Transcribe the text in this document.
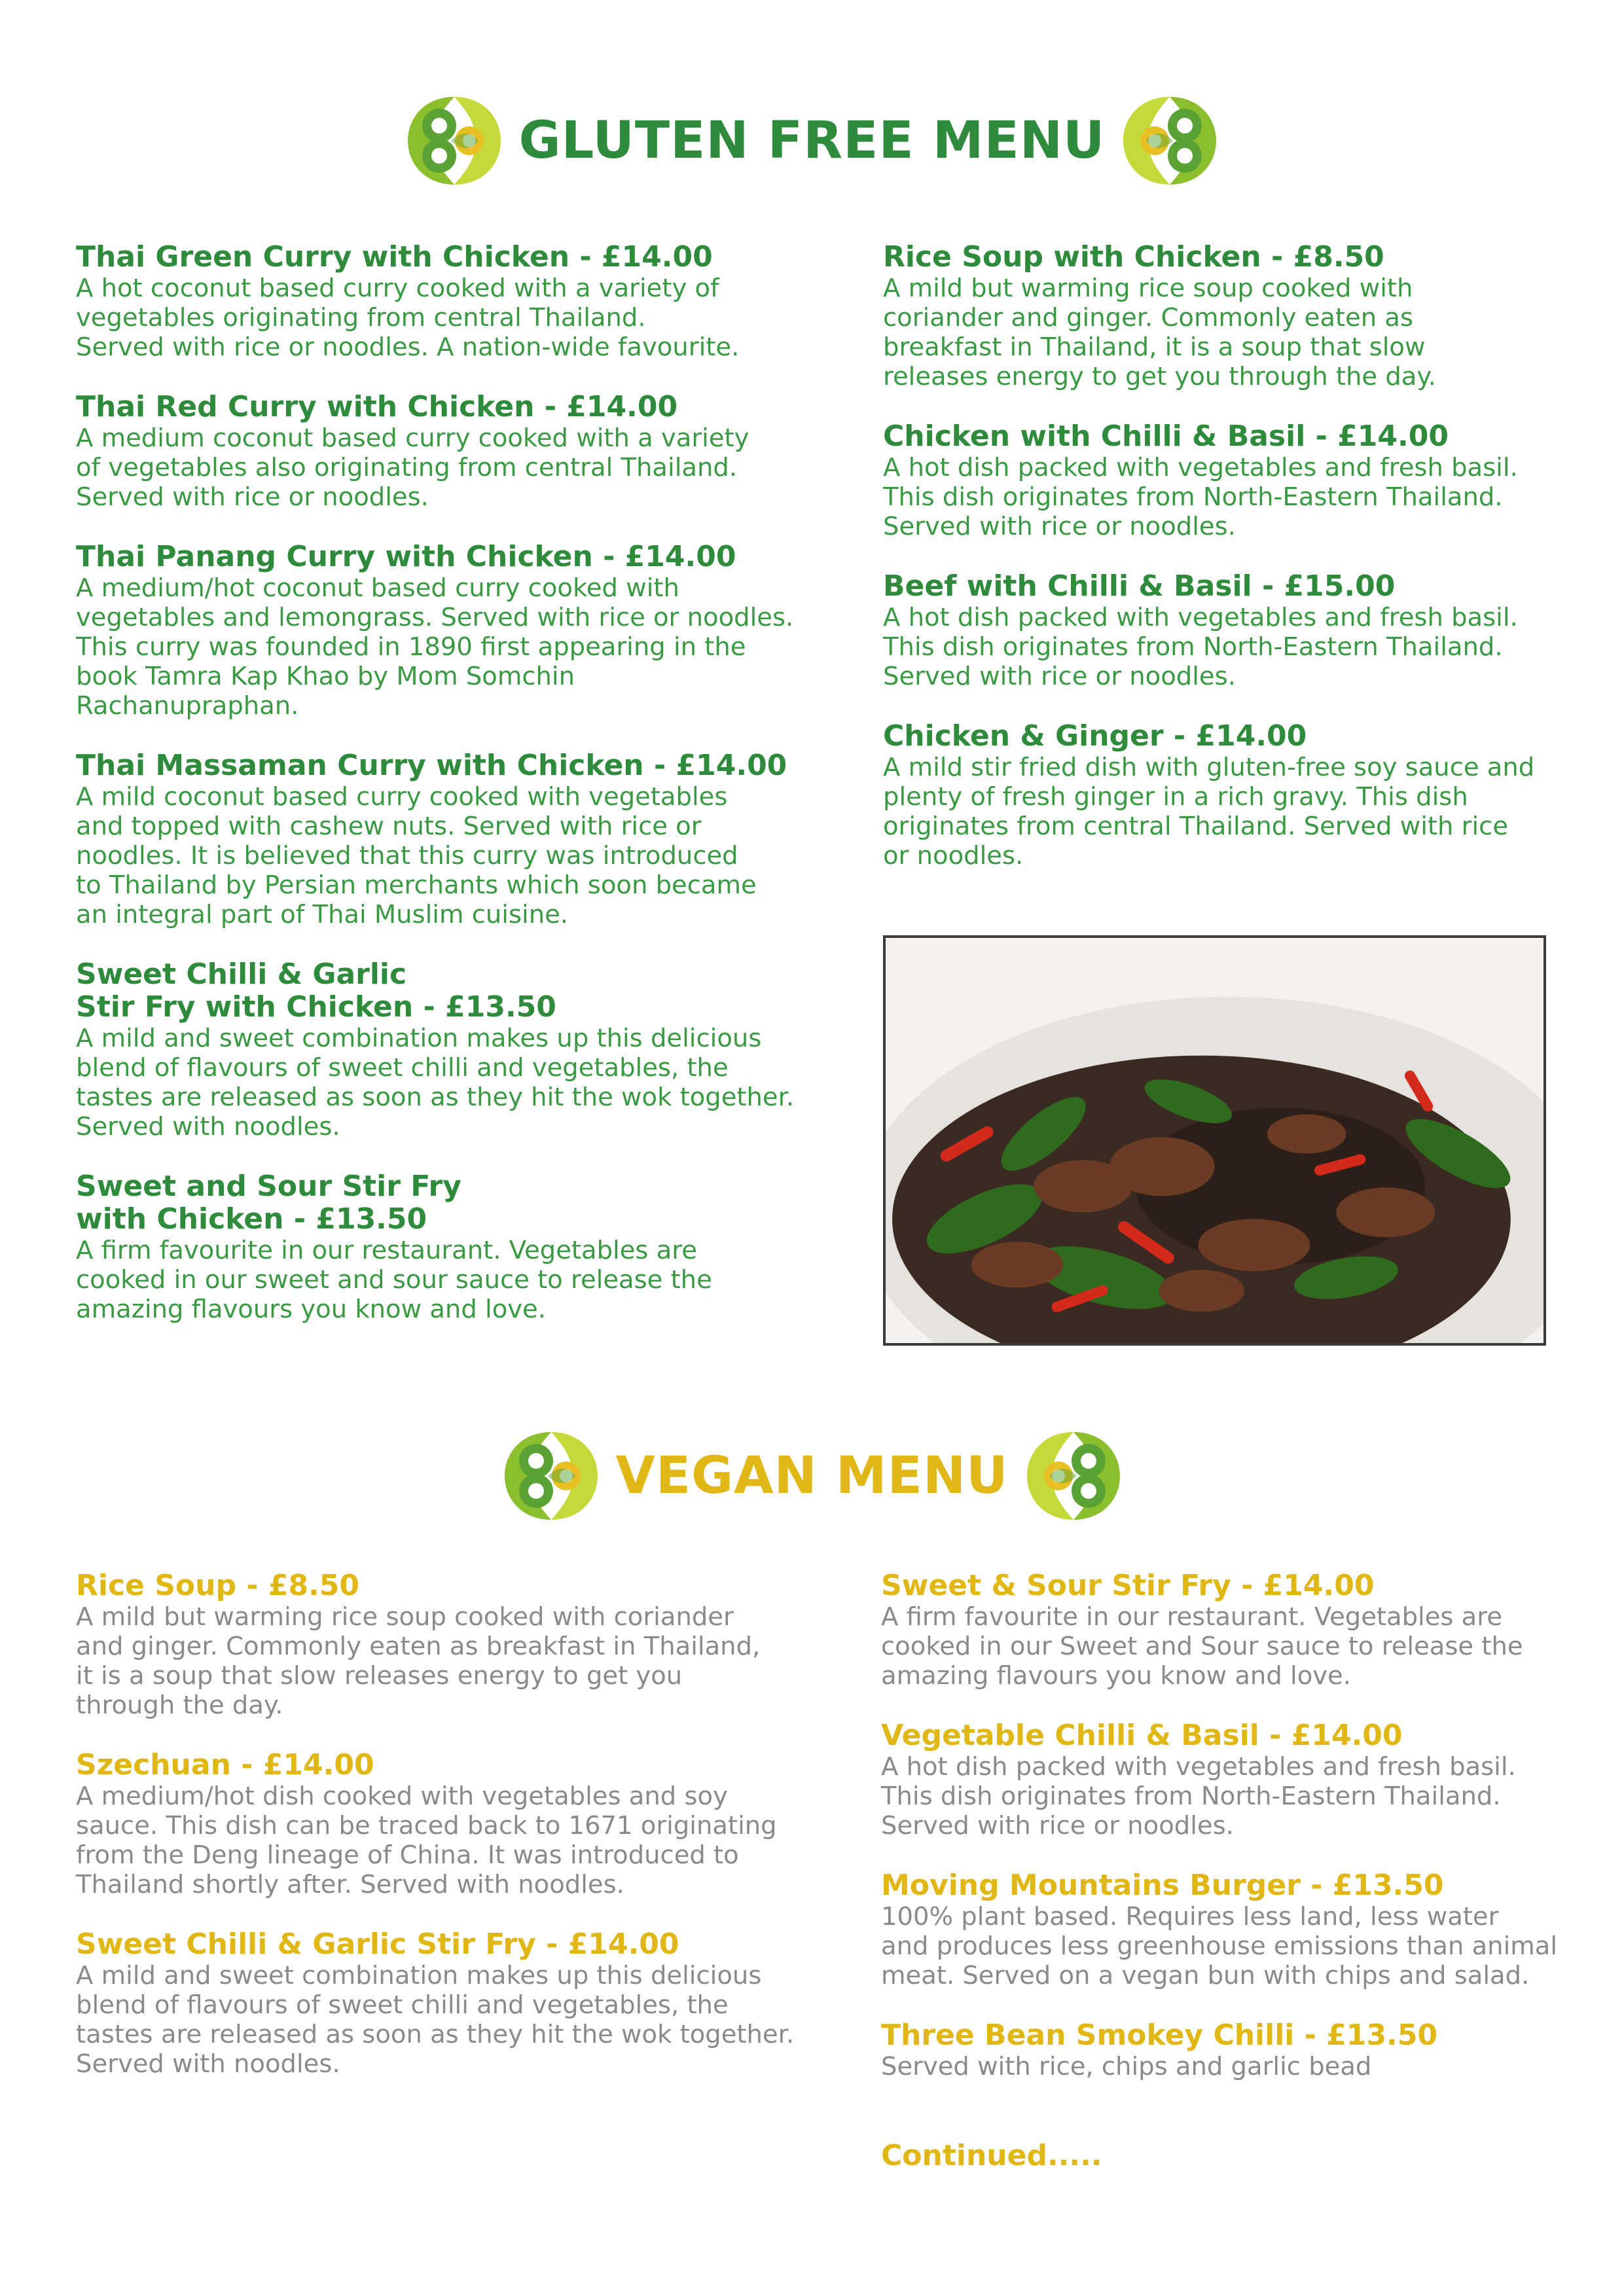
GLUTEN FREE MENU
Thai Green Curry with Chicken - £14.00
A hot coconut based curry cooked with a variety of
vegetables originating from central Thailand.
Served with rice or noodles. A nation-wide favourite.
Thai Red Curry with Chicken - £14.00
A medium coconut based curry cooked with a variety
of vegetables also originating from central Thailand.
Served with rice or noodles.
Thai Panang Curry with Chicken - £14.00
A medium/hot coconut based curry cooked with
vegetables and lemongrass. Served with rice or noodles.
This curry was founded in 1890 first appearing in the
book Tamra Kap Khao by Mom Somchin
Rachanupraphan.
Thai Massaman Curry with Chicken - £14.00
A mild coconut based curry cooked with vegetables
and topped with cashew nuts. Served with rice or
noodles. It is believed that this curry was introduced
to Thailand by Persian merchants which soon became
an integral part of Thai Muslim cuisine.
Sweet Chilli & Garlic
Stir Fry with Chicken - £13.50
A mild and sweet combination makes up this delicious
blend of flavours of sweet chilli and vegetables, the
tastes are released as soon as they hit the wok together.
Served with noodles.
Sweet and Sour Stir Fry
with Chicken - £13.50
A firm favourite in our restaurant. Vegetables are
cooked in our sweet and sour sauce to release the
amazing flavours you know and love.
Rice Soup with Chicken - £8.50
A mild but warming rice soup cooked with
coriander and ginger. Commonly eaten as
breakfast in Thailand, it is a soup that slow
releases energy to get you through the day.
Chicken with Chilli & Basil - £14.00
A hot dish packed with vegetables and fresh basil.
This dish originates from North-Eastern Thailand.
Served with rice or noodles.
Beef with Chilli & Basil - £15.00
A hot dish packed with vegetables and fresh basil.
This dish originates from North-Eastern Thailand.
Served with rice or noodles.
Chicken & Ginger - £14.00
A mild stir fried dish with gluten-free soy sauce and
plenty of fresh ginger in a rich gravy. This dish
originates from central Thailand. Served with rice
or noodles.
VEGAN MENU
Rice Soup - £8.50
A mild but warming rice soup cooked with coriander
and ginger. Commonly eaten as breakfast in Thailand,
it is a soup that slow releases energy to get you
through the day.
Szechuan - £14.00
A medium/hot dish cooked with vegetables and soy
sauce. This dish can be traced back to 1671 originating
from the Deng lineage of China. It was introduced to
Thailand shortly after. Served with noodles.
Sweet Chilli & Garlic Stir Fry - £14.00
A mild and sweet combination makes up this delicious
blend of flavours of sweet chilli and vegetables, the
tastes are released as soon as they hit the wok together.
Served with noodles.
Sweet & Sour Stir Fry - £14.00
A firm favourite in our restaurant. Vegetables are
cooked in our Sweet and Sour sauce to release the
amazing flavours you know and love.
Vegetable Chilli & Basil - £14.00
A hot dish packed with vegetables and fresh basil.
This dish originates from North-Eastern Thailand.
Served with rice or noodles.
Moving Mountains Burger - £13.50
100% plant based. Requires less land, less water
and produces less greenhouse emissions than animal
meat. Served on a vegan bun with chips and salad.
Three Bean Smokey Chilli - £13.50
Served with rice, chips and garlic bead
Continued.....
